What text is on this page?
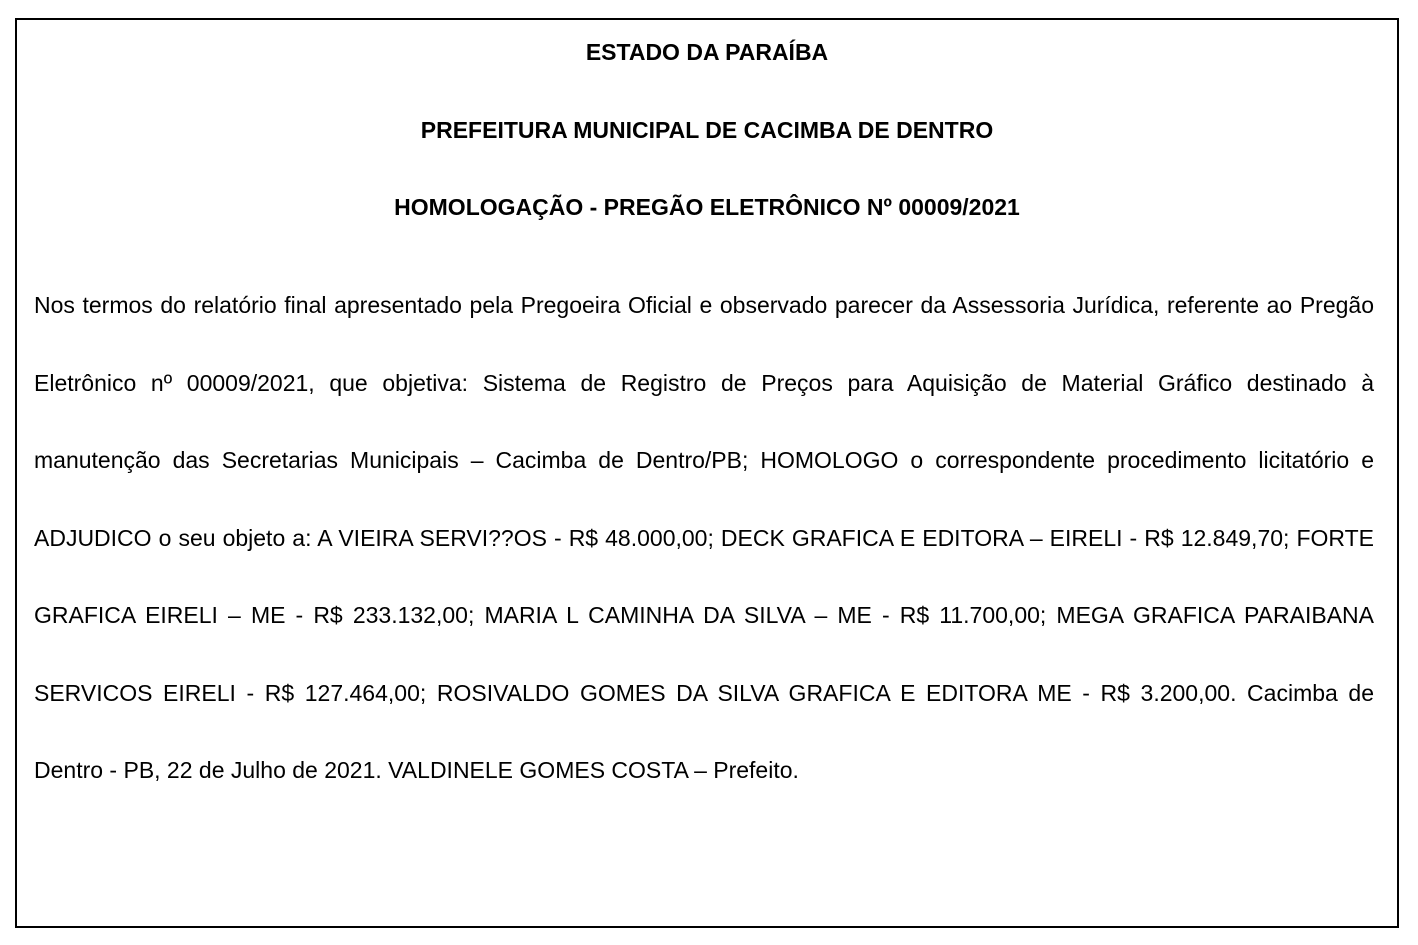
ESTADO DA PARAÍBA

PREFEITURA MUNICIPAL DE CACIMBA DE DENTRO

HOMOLOGAÇÃO - PREGÃO ELETRÔNICO Nº 00009/2021

Nos termos do relatório final apresentado pela Pregoeira Oficial e observado parecer da Assessoria Jurídica, referente ao Pregão Eletrônico nº 00009/2021, que objetiva: Sistema de Registro de Preços para Aquisição de Material Gráfico destinado à manutenção das Secretarias Municipais – Cacimba de Dentro/PB; HOMOLOGO o correspondente procedimento licitatório e ADJUDICO o seu objeto a: A VIEIRA SERVI??OS - R$ 48.000,00; DECK GRAFICA E EDITORA – EIRELI - R$ 12.849,70; FORTE GRAFICA EIRELI – ME - R$ 233.132,00; MARIA L CAMINHA DA SILVA – ME - R$ 11.700,00; MEGA GRAFICA PARAIBANA SERVICOS EIRELI - R$ 127.464,00; ROSIVALDO GOMES DA SILVA GRAFICA E EDITORA ME - R$ 3.200,00. Cacimba de Dentro - PB, 22 de Julho de 2021. VALDINELE GOMES COSTA – Prefeito.
